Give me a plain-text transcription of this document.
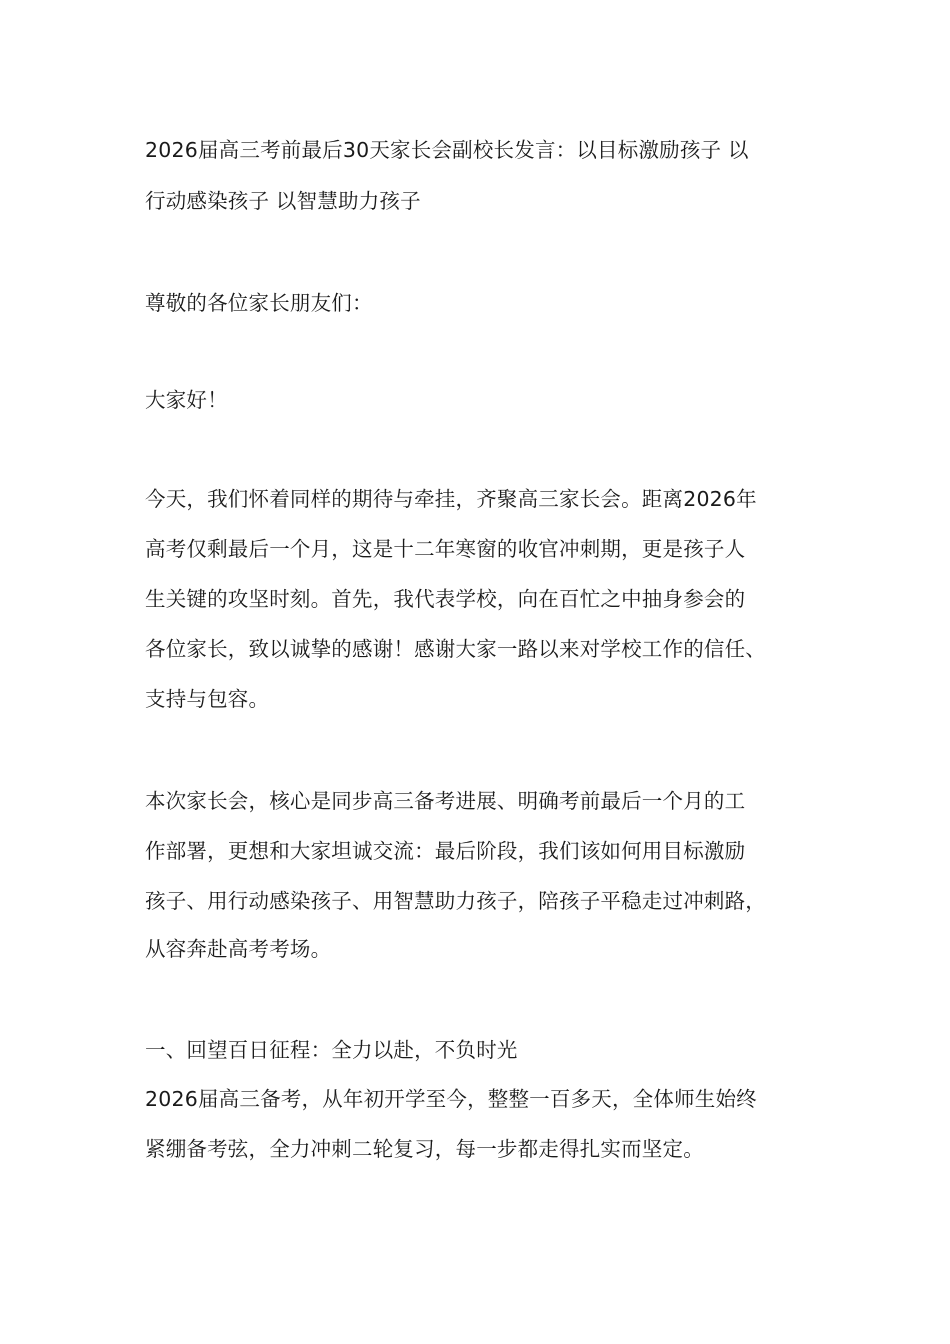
2026届高三考前最后30天家长会副校长发言：以目标激励孩子 以

行动感染孩子 以智慧助力孩子

尊敬的各位家长朋友们：

大家好！

今天，我们怀着同样的期待与牵挂，齐聚高三家长会。距离2026年

高考仅剩最后一个月，这是十二年寒窗的收官冲刺期，更是孩子人

生关键的攻坚时刻。首先，我代表学校，向在百忙之中抽身参会的

各位家长，致以诚挚的感谢！感谢大家一路以来对学校工作的信任、

支持与包容。

本次家长会，核心是同步高三备考进展、明确考前最后一个月的工

作部署，更想和大家坦诚交流：最后阶段，我们该如何用目标激励

孩子、用行动感染孩子、用智慧助力孩子，陪孩子平稳走过冲刺路，

从容奔赴高考考场。

一、回望百日征程：全力以赴，不负时光

2026届高三备考，从年初开学至今，整整一百多天，全体师生始终

紧绷备考弦，全力冲刺二轮复习，每一步都走得扎实而坚定。
